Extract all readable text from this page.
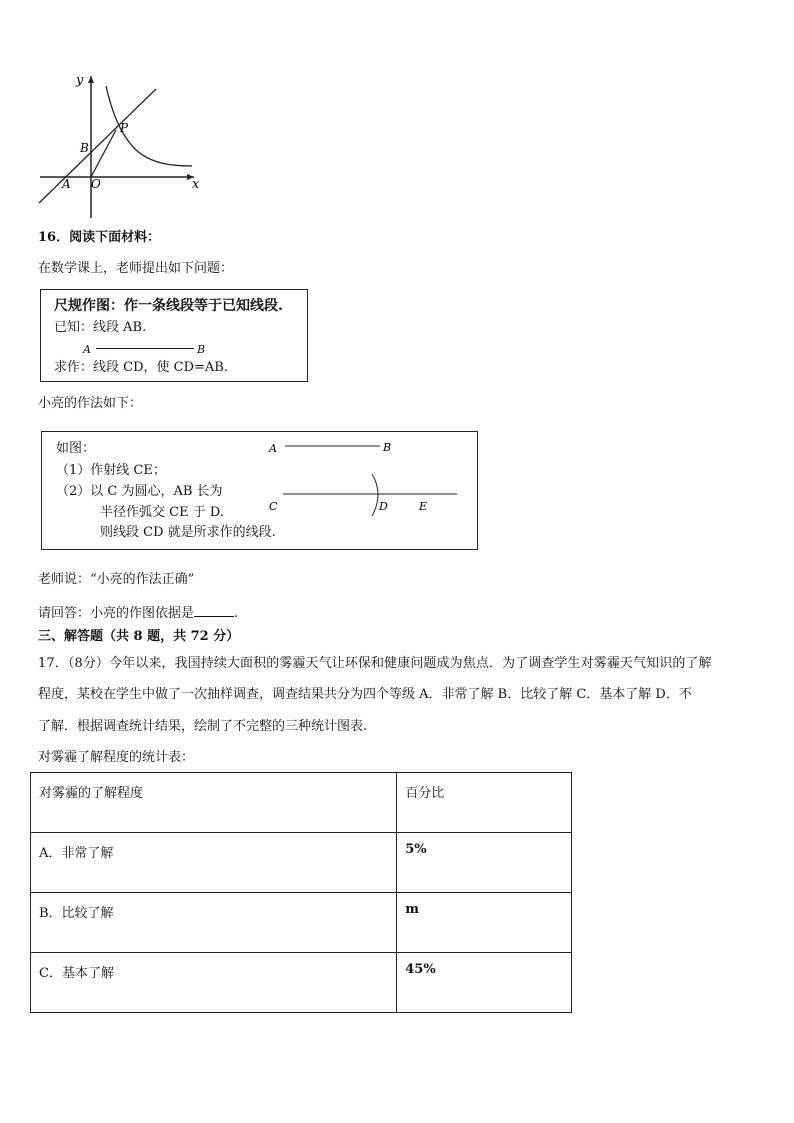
y
x
P
B
A O
16．阅读下面材料：
在数学课上，老师提出如下问题：
尺规作图：作一条线段等于已知线段.
已知：线段 AB.
A	B
求作：线段 CD，使 CD=AB.
小亮的作法如下：
如图：
（1）作射线 CE；
（2）以 C 为圆心，AB 长为
半径作弧交 CE 于 D.
则线段 CD 就是所求作的线段.
A	B
C	D	E
老师说：“小亮的作法正确”
请回答：小亮的作图依据是	.
三、解答题（共 8 题，共 72 分）
17．（8分）今年以来，我国持续大面积的雾霾天气让环保和健康问题成为焦点．为了调查学生对雾霾天气知识的了解
程度，某校在学生中做了一次抽样调查，调查结果共分为四个等级 A．非常了解 B．比较了解 C．基本了解 D．不
了解．根据调查统计结果，绘制了不完整的三种统计图表.
对雾霾了解程度的统计表：
对雾霾的了解程度	百分比
A．非常了解	5%
B．比较了解	m
C．基本了解	45%
